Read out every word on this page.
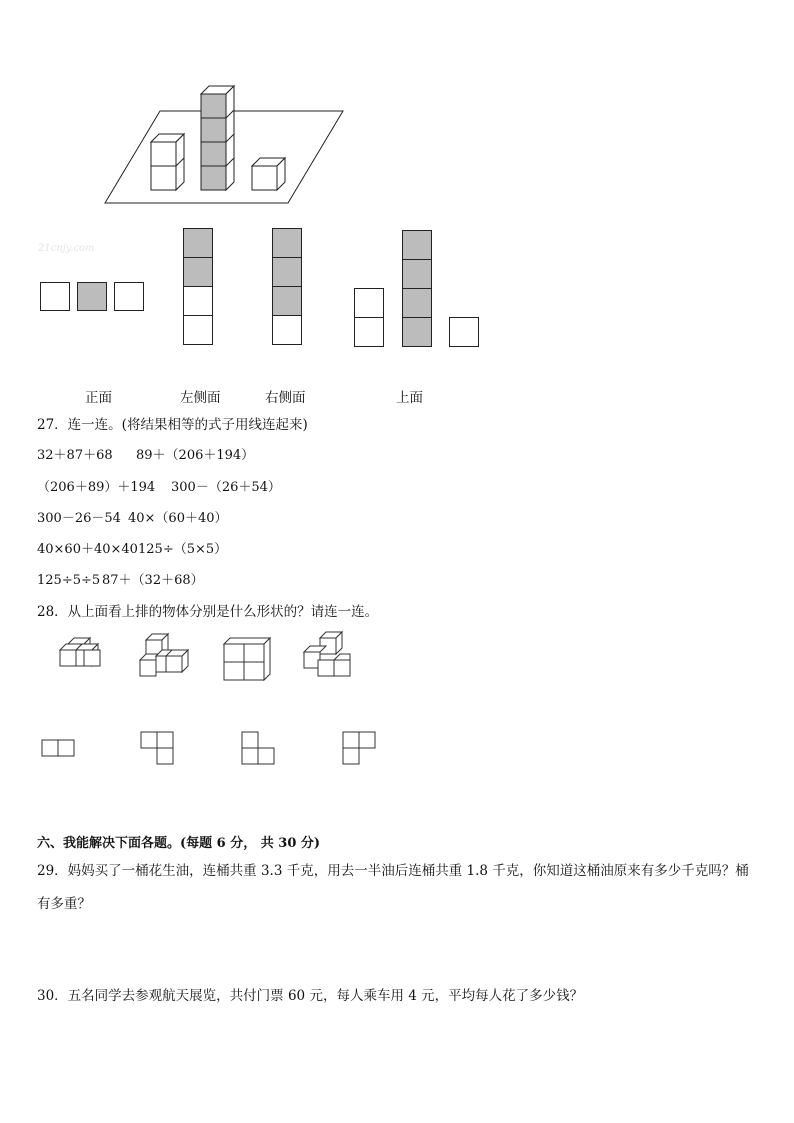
21cnjy.com
正面	左侧面	右侧面	上面
27．连一连。(将结果相等的式子用线连起来)
32＋87＋68 89＋（206＋194）
（206＋89）＋194 300－（26＋54）
300－26－54 40×（60＋40）
40×60＋40×40 125÷（5×5）
125÷5÷5 87＋（32＋68）
28．从上面看上排的物体分别是什么形状的？请连一连。
六、我能解决下面各题。(每题 6 分， 共 30 分)
29．妈妈买了一桶花生油，连桶共重 3.3 千克，用去一半油后连桶共重 1.8 千克，你知道这桶油原来有多少千克吗？桶
有多重？
30．五名同学去参观航天展览，共付门票 60 元，每人乘车用 4 元，平均每人花了多少钱？
